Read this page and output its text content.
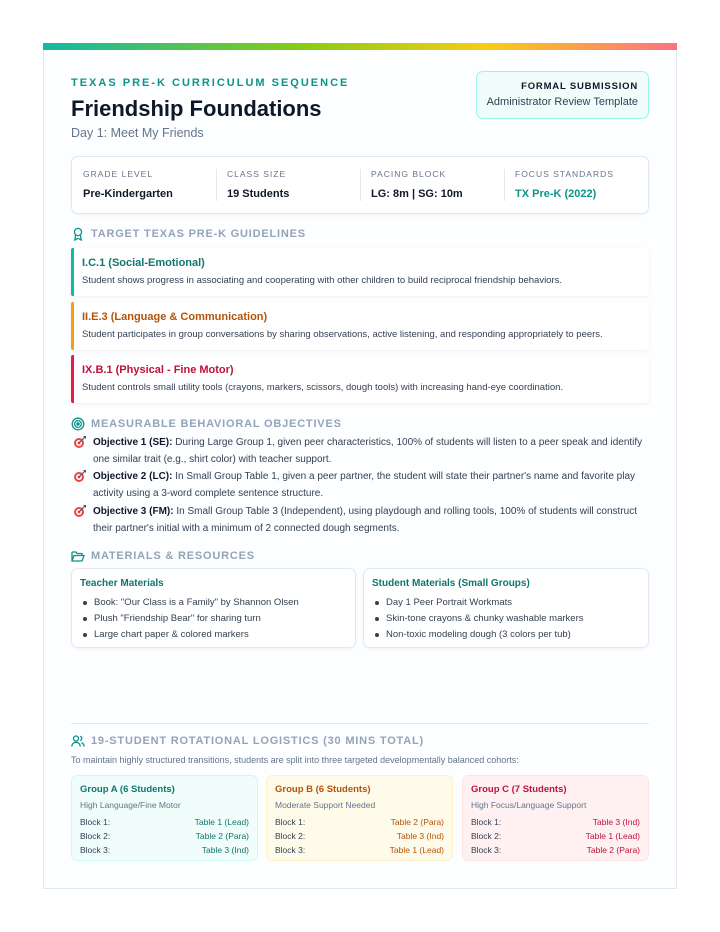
TEXAS PRE-K CURRICULUM SEQUENCE
Friendship Foundations
Day 1: Meet My Friends
FORMAL SUBMISSION
Administrator Review Template
GRADE LEVEL
Pre-Kindergarten
CLASS SIZE
19 Students
PACING BLOCK
LG: 8m | SG: 10m
FOCUS STANDARDS
TX Pre-K (2022)
TARGET TEXAS PRE-K GUIDELINES
I.C.1 (Social-Emotional)
Student shows progress in associating and cooperating with other children to build reciprocal friendship behaviors.
II.E.3 (Language & Communication)
Student participates in group conversations by sharing observations, active listening, and responding appropriately to peers.
IX.B.1 (Physical - Fine Motor)
Student controls small utility tools (crayons, markers, scissors, dough tools) with increasing hand-eye coordination.
MEASURABLE BEHAVIORAL OBJECTIVES
Objective 1 (SE): During Large Group 1, given peer characteristics, 100% of students will listen to a peer speak and identify one similar trait (e.g., shirt color) with teacher support.
Objective 2 (LC): In Small Group Table 1, given a peer partner, the student will state their partner's name and favorite play activity using a 3-word complete sentence structure.
Objective 3 (FM): In Small Group Table 3 (Independent), using playdough and rolling tools, 100% of students will construct their partner's initial with a minimum of 2 connected dough segments.
MATERIALS & RESOURCES
Teacher Materials
Book: "Our Class is a Family" by Shannon Olsen
Plush "Friendship Bear" for sharing turn
Large chart paper & colored markers
Student Materials (Small Groups)
Day 1 Peer Portrait Workmats
Skin-tone crayons & chunky washable markers
Non-toxic modeling dough (3 colors per tub)
19-STUDENT ROTATIONAL LOGISTICS (30 MINS TOTAL)
To maintain highly structured transitions, students are split into three targeted developmentally balanced cohorts:
Group A (6 Students)
High Language/Fine Motor
Block 1:	Table 1 (Lead)
Block 2:	Table 2 (Para)
Block 3:	Table 3 (Ind)
Group B (6 Students)
Moderate Support Needed
Block 1:	Table 2 (Para)
Block 2:	Table 3 (Ind)
Block 3:	Table 1 (Lead)
Group C (7 Students)
High Focus/Language Support
Block 1:	Table 3 (Ind)
Block 2:	Table 1 (Lead)
Block 3:	Table 2 (Para)
